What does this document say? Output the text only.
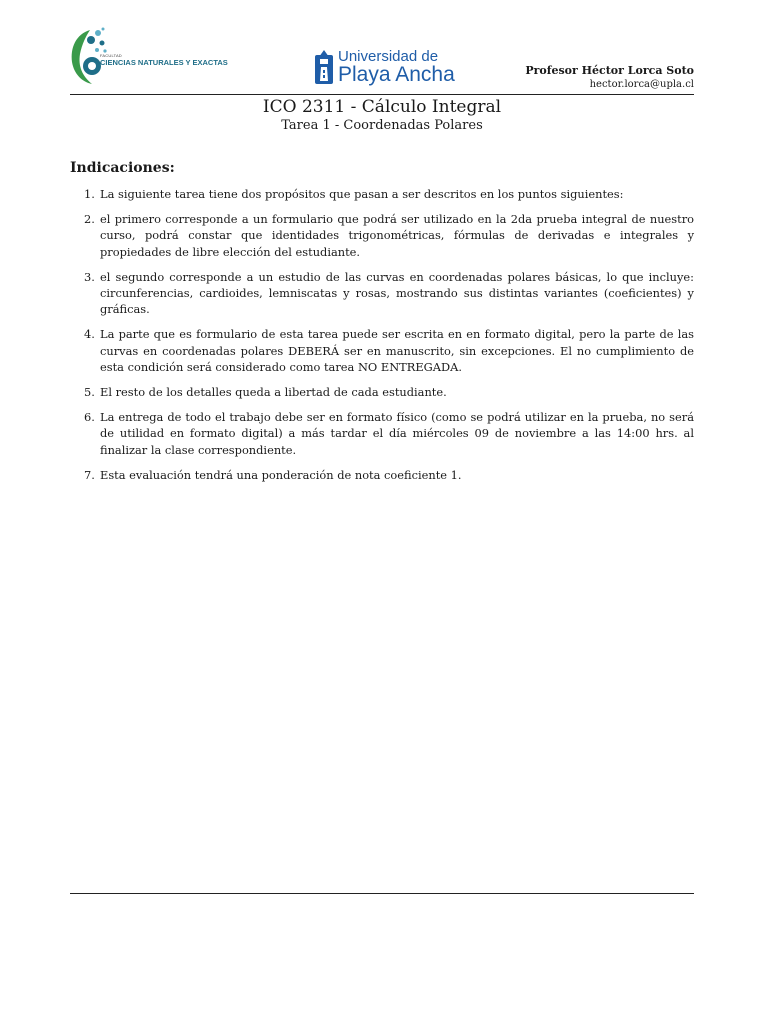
FACULTAD
CIENCIAS NATURALES Y EXACTAS	Universidad de
Playa Ancha	Profesor Héctor Lorca Soto
hector.lorca@upla.cl
ICO 2311 - Cálculo Integral
Tarea 1 - Coordenadas Polares
Indicaciones:
1. La siguiente tarea tiene dos propósitos que pasan a ser descritos en los puntos siguientes:
2. el primero corresponde a un formulario que podrá ser utilizado en la 2da prueba integral de nuestro curso, podrá constar que identidades trigonométricas, fórmulas de derivadas e integrales y propiedades de libre elección del estudiante.
3. el segundo corresponde a un estudio de las curvas en coordenadas polares básicas, lo que incluye: circunferencias, cardioides, lemniscatas y rosas, mostrando sus distintas variantes (coeficientes) y gráficas.
4. La parte que es formulario de esta tarea puede ser escrita en en formato digital, pero la parte de las curvas en coordenadas polares DEBERÁ ser en manuscrito, sin excepciones. El no cumplimiento de esta condición será considerado como tarea NO ENTREGADA.
5. El resto de los detalles queda a libertad de cada estudiante.
6. La entrega de todo el trabajo debe ser en formato físico (como se podrá utilizar en la prueba, no será de utilidad en formato digital) a más tardar el día miércoles 09 de noviembre a las 14:00 hrs. al finalizar la clase correspondiente.
7. Esta evaluación tendrá una ponderación de nota coeficiente 1.
